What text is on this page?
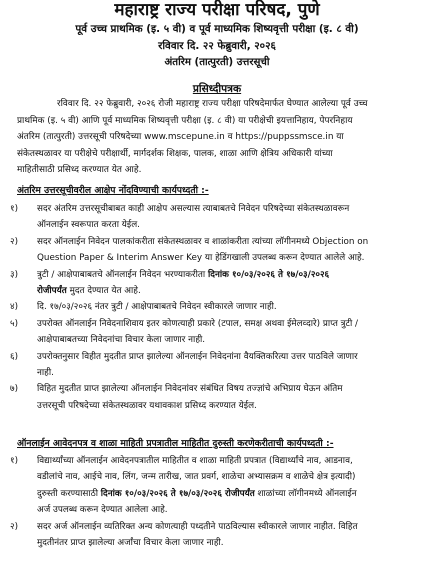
महाराष्ट्र राज्य परीक्षा परिषद, पुणे
पूर्व उच्च प्राथमिक (इ. ५ वी) व पूर्व माध्यमिक शिष्यवृत्ती परीक्षा (इ. ८ वी)
रविवार दि. २२ फेब्रुवारी, २०२६
अंतरिम (तात्पुरती) उत्तरसूची
प्रसिध्दीपत्रक
रविवार दि. २२ फेब्रुवारी, २०२६ रोजी महाराष्ट्र राज्य परीक्षा परिषदेमार्फत घेण्यात आलेल्या पूर्व उच्च
प्राथमिक (इ. ५ वी) आणि पूर्व माध्यमिक शिष्यवृत्ती परीक्षा (इ. ८ वी) या परीक्षेची इयत्तानिहाय, पेपरनिहाय
अंतरिम (तात्पुरती) उत्तरसूची परिषदेच्या www.mscepune.in व https://puppssmsce.in या
संकेतस्थळावर या परीक्षेचे परीक्षार्थी, मार्गदर्शक शिक्षक, पालक, शाळा आणि क्षेत्रिय अधिकारी यांच्या
माहितीसाठी प्रसिध्द करण्यात येत आहे.
अंतरिम उत्तरसूचीवरील आक्षेप नोंदविण्याची कार्यपध्दती :-
१)	सदर अंतरिम उत्तरसूचीबाबत काही आक्षेप असल्यास त्याबाबतचे निवेदन परिषदेच्या संकेतस्थळावरून
ऑनलाईन स्वरूपात करता येईल.
२)	सदर ऑनलाईन निवेदन पालकांकरीता संकेतस्थळावर व शाळांकरीता त्यांच्या लॉगीनमध्ये Objection on
Question Paper & Interim Answer Key या हेडिंगखाली उपलब्ध करून देण्यात आलेले आहे.
३)	त्रुटी / आक्षेपाबाबतचे ऑनलाईन निवेदन भरण्याकरीता दिनांक १०/०३/२०२६ ते १७/०३/२०२६
रोजीपर्यंत मुदत देण्यात येत आहे.
४)	दि. १७/०३/२०२६ नंतर त्रुटी / आक्षेपाबाबतचे निवेदन स्वीकारले जाणार नाही.
५)	उपरोक्त ऑनलाईन निवेदनाशिवाय इतर कोणत्याही प्रकारे (टपाल, समक्ष अथवा ईमेलव्दारे) प्राप्त त्रुटी /
आक्षेपाबाबतच्या निवेदनांचा विचार केला जाणार नाही.
६)	उपरोक्तनुसार विहीत मुदतीत प्राप्त झालेल्या ऑनलाईन निवेदनांना वैयक्तिकरित्या उत्तर पाठविले जाणार
नाही.
७)	विहित मुदतीत प्राप्त झालेल्या ऑनलाईन निवेदनांवर संबंधित विषय तज्ज्ञांचे अभिप्राय घेऊन अंतिम
उत्तरसूची परिषदेच्या संकेतस्थळावर यथावकाश प्रसिध्द करण्यात येईल.
ऑनलाईन आवेदनपत्र व शाळा माहिती प्रपत्रातील माहितीत दुरुस्ती करणेकरीताची कार्यपध्दती :-
१)	विद्यार्थ्यांच्या ऑनलाईन आवेदनपत्रातील माहितीत व शाळा माहिती प्रपत्रात (विद्यार्थ्यांचे नाव, आडनाव,
वडीलांचे नाव, आईचे नाव, लिंग, जन्म तारीख, जात प्रवर्ग, शाळेचा अभ्यासक्रम व शाळेचे क्षेत्र इत्यादी)
दुरुस्ती करण्यासाठी दिनांक १०/०३/२०२६ ते १७/०३/२०२६ रोजीपर्यंत शाळांच्या लॉगीनमध्ये ऑनलाईन
अर्ज उपलब्ध करून देण्यात आलेला आहे.
२)	सदर अर्ज ऑनलाईन व्यतिरिक्त अन्य कोणत्याही पध्दतीने पाठविल्यास स्वीकारले जाणार नाहीत. विहित
मुदतीनंतर प्राप्त झालेल्या अर्जांचा विचार केला जाणार नाही.
